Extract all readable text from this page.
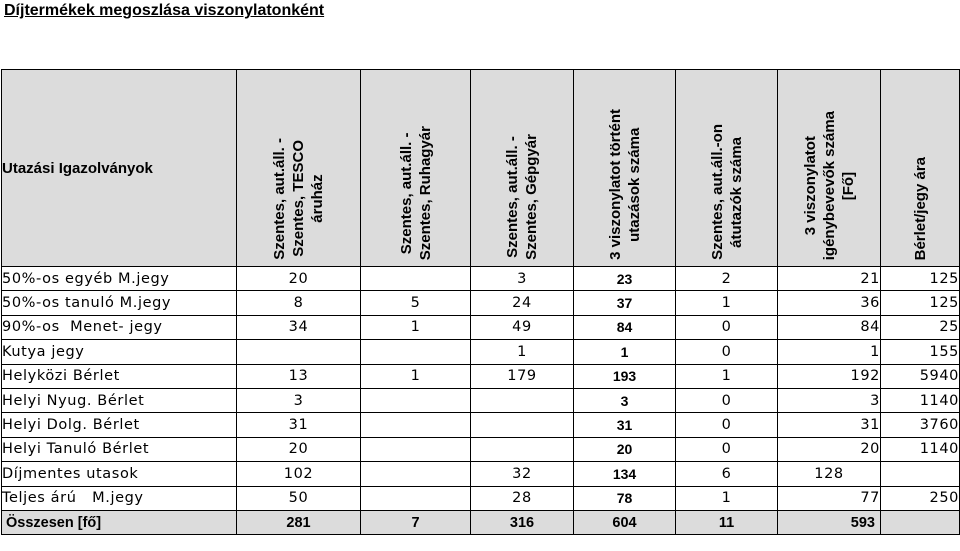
Díjtermékek megoszlása viszonylatonként
Utazási Igazolványok	Szentes, aut.áll. -
Szentes, TESCO
áruház	Szentes, aut.áll. -
Szentes, Ruhagyár	Szentes, aut.áll. -
Szentes, Gépgyár	3 viszonylatot történt
utazások száma	Szentes, aut.áll.-on
átutazók száma	3 viszonylatot
igénybevevők száma
[Fő]	Bérlet/jegy ára

50%-os egyéb M.jegy	20		3	23	2	21	125
50%-os tanuló M.jegy	8	5	24	37	1	36	125
90%-os  Menet- jegy	34	1	49	84	0	84	25
Kutya jegy			1	1	0	1	155
Helyközi Bérlet	13	1	179	193	1	192	5940
Helyi Nyug. Bérlet	3			3	0	3	1140
Helyi Dolg. Bérlet	31			31	0	31	3760
Helyi Tanuló Bérlet	20			20	0	20	1140
Díjmentes utasok	102		32	134	6	128	
Teljes árú   M.jegy	50		28	78	1	77	250
Összesen [fő]	281	7	316	604	11	593	
